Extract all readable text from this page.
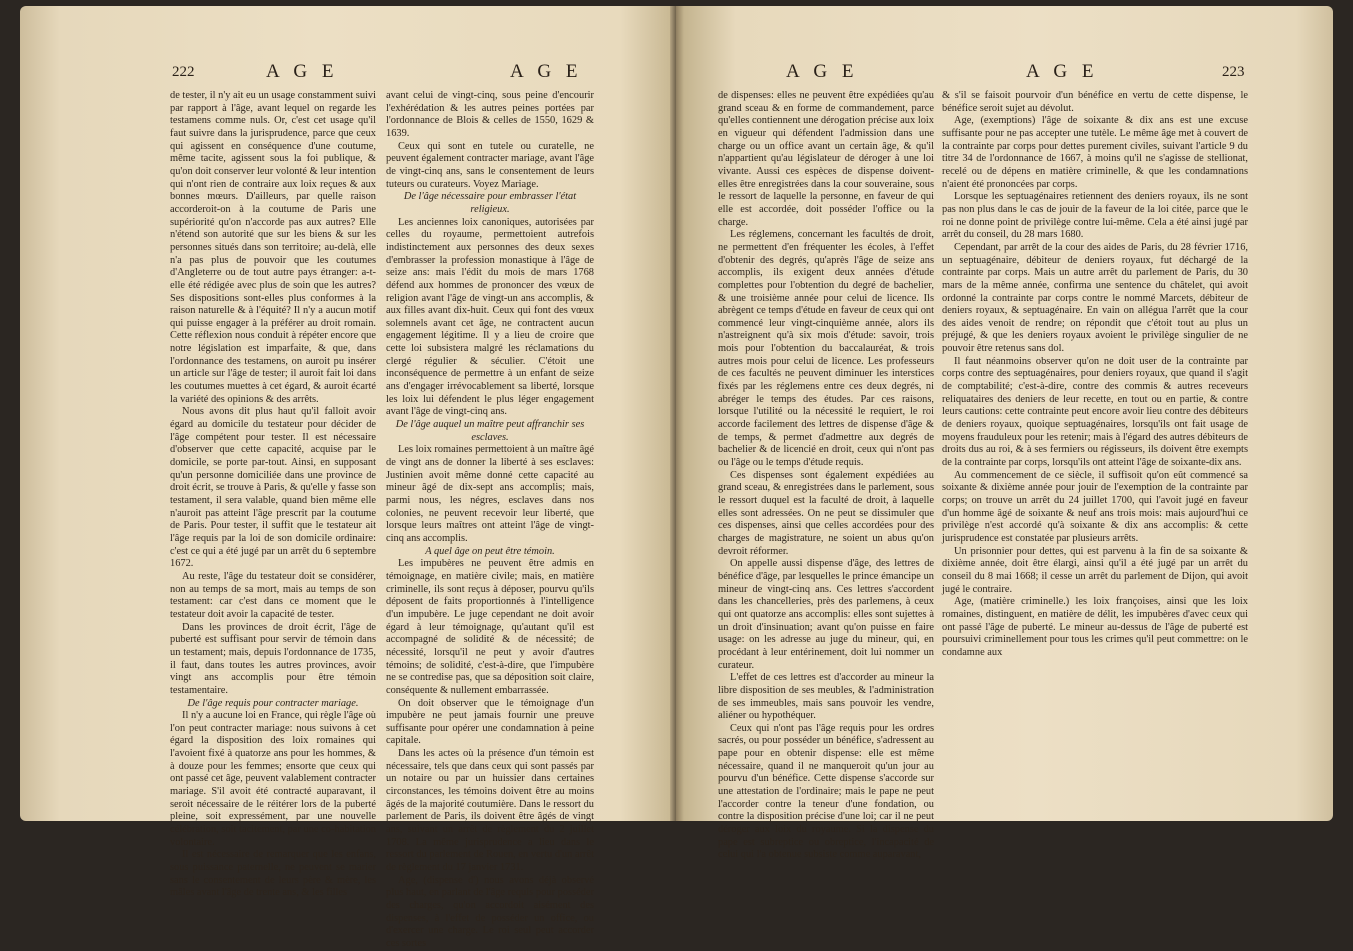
222	A G E	A G E

de tester, il n'y ait eu un usage constamment suivi par rapport à l'âge, avant lequel on regarde les testamens comme nuls. Or, c'est cet usage qu'il faut suivre dans la jurisprudence, parce que ceux qui agissent en conséquence d'une coutume, même tacite, agissent sous la foi publique, & qu'on doit conserver leur volonté & leur intention qui n'ont rien de contraire aux loix reçues & aux bonnes mœurs. D'ailleurs, par quelle raison accorderoit-on à la coutume de Paris une supériorité qu'on n'accorde pas aux autres? Elle n'étend son autorité que sur les biens & sur les personnes situés dans son territoire; au-delà, elle n'a pas plus de pouvoir que les coutumes d'Angleterre ou de tout autre pays étranger: a-t-elle été rédigée avec plus de soin que les autres? Ses dispositions sont-elles plus conformes à la raison naturelle & à l'équité? Il n'y a aucun motif qui puisse engager à la préférer au droit romain. Cette réflexion nous conduit à répéter encore que notre législation est imparfaite, & que, dans l'ordonnance des testamens, on auroit pu insérer un article sur l'âge de tester; il auroit fait loi dans les coutumes muettes à cet égard, & auroit écarté la variété des opinions & des arrêts.

Nous avons dit plus haut qu'il falloit avoir égard au domicile du testateur pour décider de l'âge compétent pour tester. Il est nécessaire d'observer que cette capacité, acquise par le domicile, se porte par-tout. Ainsi, en supposant qu'un personne domiciliée dans une province de droit écrit, se trouve à Paris, & qu'elle y fasse son testament, il sera valable, quand bien même elle n'auroit pas atteint l'âge prescrit par la coutume de Paris. Pour tester, il suffit que le testateur ait l'âge requis par la loi de son domicile ordinaire: c'est ce qui a été jugé par un arrêt du 6 septembre 1672.

Au reste, l'âge du testateur doit se considérer, non au temps de sa mort, mais au temps de son testament: car c'est dans ce moment que le testateur doit avoir la capacité de tester.

Dans les provinces de droit écrit, l'âge de puberté est suffisant pour servir de témoin dans un testament; mais, depuis l'ordonnance de 1735, il faut, dans toutes les autres provinces, avoir vingt ans accomplis pour être témoin testamentaire.

De l'âge requis pour contracter mariage.

Il n'y a aucune loi en France, qui règle l'âge où l'on peut contracter mariage: nous suivons à cet égard la disposition des loix romaines qui l'avoient fixé à quatorze ans pour les hommes, & à douze pour les femmes; ensorte que ceux qui ont passé cet âge, peuvent valablement contracter mariage. S'il avoit été contracté auparavant, il seroit nécessaire de le réitérer lors de la puberté pleine, soit expressément, par une nouvelle célébration, soit tacitement, par une co-habitation volontaire.

Il est nécessaire de remarquer que les enfans, sous puissance paternelle, ne peuvent se marier sans le consentement de leurs père & mère, les mâles avant l'âge de trente ans, & les filles

avant celui de vingt-cinq, sous peine d'encourir l'exhérédation & les autres peines portées par l'ordonnance de Blois & celles de 1550, 1629 & 1639.

Ceux qui sont en tutele ou curatelle, ne peuvent également contracter mariage, avant l'âge de vingt-cinq ans, sans le consentement de leurs tuteurs ou curateurs. Voyez Mariage.

De l'âge nécessaire pour embrasser l'état religieux.

Les anciennes loix canoniques, autorisées par celles du royaume, permettoient autrefois indistinctement aux personnes des deux sexes d'embrasser la profession monastique à l'âge de seize ans: mais l'édit du mois de mars 1768 défend aux hommes de prononcer des vœux de religion avant l'âge de vingt-un ans accomplis, & aux filles avant dix-huit. Ceux qui font des vœux solemnels avant cet âge, ne contractent aucun engagement légitime. Il y a lieu de croire que cette loi subsistera malgré les réclamations du clergé régulier & séculier. C'étoit une inconséquence de permettre à un enfant de seize ans d'engager irrévocablement sa liberté, lorsque les loix lui défendent le plus léger engagement avant l'âge de vingt-cinq ans.

De l'âge auquel un maître peut affranchir ses esclaves.

Les loix romaines permettoient à un maître âgé de vingt ans de donner la liberté à ses esclaves: Justinien avoit même donné cette capacité au mineur âgé de dix-sept ans accomplis; mais, parmi nous, les négres, esclaves dans nos colonies, ne peuvent recevoir leur liberté, que lorsque leurs maîtres ont atteint l'âge de vingt-cinq ans accomplis.

A quel âge on peut être témoin.

Les impubères ne peuvent être admis en témoignage, en matière civile; mais, en matière criminelle, ils sont reçus à déposer, pourvu qu'ils déposent de faits proportionnés à l'intelligence d'un impubère. Le juge cependant ne doit avoir égard à leur témoignage, qu'autant qu'il est accompagné de solidité & de nécessité; de nécessité, lorsqu'il ne peut y avoir d'autres témoins; de solidité, c'est-à-dire, que l'impubère ne se contredise pas, que sa déposition soit claire, conséquente & nullement embarrassée.

On doit observer que le témoignage d'un impubère ne peut jamais fournir une preuve suffisante pour opérer une condamnation à peine capitale.

Dans les actes où la présence d'un témoin est nécessaire, tels que dans ceux qui sont passés par un notaire ou par un huissier dans certaines circonstances, les témoins doivent être au moins âgés de la majorité coutumière. Dans le ressort du parlement de Paris, ils doivent être âgés de vingt ans, suivant un arrêt de règlement du 2 juillet 1708. La même jurisprudence a lieu dans le ressort du parlement de Rouen, en vertu d'un arrêt de règlement du 17 janvier 1731.

Age, (dispense d') nous avons déjà observé plus haut, en parlant de l'âge requis pour posséder des charges, qu'on accordoit aisément des dispenses, à l'effet de posséder un office, ou d'exercer une charge. Le roi seul peut accorder ces sortes

A G E	A G E	223

de dispenses: elles ne peuvent être expédiées qu'au grand sceau & en forme de commandement, parce qu'elles contiennent une dérogation précise aux loix en vigueur qui défendent l'admission dans une charge ou un office avant un certain âge, & qu'il n'appartient qu'au législateur de déroger à une loi vivante. Aussi ces espèces de dispense doivent-elles être enregistrées dans la cour souveraine, sous le ressort de laquelle la personne, en faveur de qui elle est accordée, doit posséder l'office ou la charge.

Les réglemens, concernant les facultés de droit, ne permettent d'en fréquenter les écoles, à l'effet d'obtenir des degrés, qu'après l'âge de seize ans accomplis, ils exigent deux années d'étude complettes pour l'obtention du degré de bachelier, & une troisième année pour celui de licence. Ils abrègent ce temps d'étude en faveur de ceux qui ont commencé leur vingt-cinquième année, alors ils n'astreignent qu'à six mois d'étude: savoir, trois mois pour l'obtention du baccalauréat, & trois autres mois pour celui de licence. Les professeurs de ces facultés ne peuvent diminuer les interstices fixés par les réglemens entre ces deux degrés, ni abréger le temps des études. Par ces raisons, lorsque l'utilité ou la nécessité le requiert, le roi accorde facilement des lettres de dispense d'âge & de temps, & permet d'admettre aux degrés de bachelier & de licencié en droit, ceux qui n'ont pas ou l'âge ou le temps d'étude requis.

Ces dispenses sont également expédiées au grand sceau, & enregistrées dans le parlement, sous le ressort duquel est la faculté de droit, à laquelle elles sont adressées. On ne peut se dissimuler que ces dispenses, ainsi que celles accordées pour des charges de magistrature, ne soient un abus qu'on devroit réformer.

On appelle aussi dispense d'âge, des lettres de bénéfice d'âge, par lesquelles le prince émancipe un mineur de vingt-cinq ans. Ces lettres s'accordent dans les chancelleries, près des parlemens, à ceux qui ont quatorze ans accomplis: elles sont sujettes à un droit d'insinuation; avant qu'on puisse en faire usage: on les adresse au juge du mineur, qui, en procédant à leur entérinement, doit lui nommer un curateur.

L'effet de ces lettres est d'accorder au mineur la libre disposition de ses meubles, & l'administration de ses immeubles, mais sans pouvoir les vendre, aliéner ou hypothéquer.

Ceux qui n'ont pas l'âge requis pour les ordres sacrés, ou pour posséder un bénéfice, s'adressent au pape pour en obtenir dispense: elle est même nécessaire, quand il ne manqueroit qu'un jour au pourvu d'un bénéfice. Cette dispense s'accorde sur une attestation de l'ordinaire; mais le pape ne peut l'accorder contre la teneur d'une fondation, ou contre la disposition précise d'une loi; car il ne peut déroger aux loix du royaume. Si la dispense du pape est subreptice ou obreptice, l'incapacité de celui qui l'a obtenue subsiste comme auparavant,

& s'il se faisoit pourvoir d'un bénéfice en vertu de cette dispense, le bénéfice seroit sujet au dévolut.

Age, (exemptions) l'âge de soixante & dix ans est une excuse suffisante pour ne pas accepter une tutèle. Le même âge met à couvert de la contrainte par corps pour dettes purement civiles, suivant l'article 9 du titre 34 de l'ordonnance de 1667, à moins qu'il ne s'agisse de stellionat, recelé ou de dépens en matière criminelle, & que les condamnations n'aient été prononcées par corps.

Lorsque les septuagénaires retiennent des deniers royaux, ils ne sont pas non plus dans le cas de jouir de la faveur de la loi citée, parce que le roi ne donne point de privilège contre lui-même. Cela a été ainsi jugé par arrêt du conseil, du 28 mars 1680.

Cependant, par arrêt de la cour des aides de Paris, du 28 février 1716, un septuagénaire, débiteur de deniers royaux, fut déchargé de la contrainte par corps. Mais un autre arrêt du parlement de Paris, du 30 mars de la même année, confirma une sentence du châtelet, qui avoit ordonné la contrainte par corps contre le nommé Marcets, débiteur de deniers royaux, & septuagénaire. En vain on allégua l'arrêt que la cour des aides venoit de rendre; on répondit que c'étoit tout au plus un préjugé, & que les deniers royaux avoient le privilège singulier de ne pouvoir être retenus sans dol.

Il faut néanmoins observer qu'on ne doit user de la contrainte par corps contre des septuagénaires, pour deniers royaux, que quand il s'agit de comptabilité; c'est-à-dire, contre des commis & autres receveurs reliquataires des deniers de leur recette, en tout ou en partie, & contre leurs cautions: cette contrainte peut encore avoir lieu contre des débiteurs de deniers royaux, quoique septuagénaires, lorsqu'ils ont fait usage de moyens frauduleux pour les retenir; mais à l'égard des autres débiteurs de droits dus au roi, & à ses fermiers ou régisseurs, ils doivent être exempts de la contrainte par corps, lorsqu'ils ont atteint l'âge de soixante-dix ans.

Au commencement de ce siècle, il suffisoit qu'on eût commencé sa soixante & dixième année pour jouir de l'exemption de la contrainte par corps; on trouve un arrêt du 24 juillet 1700, qui l'avoit jugé en faveur d'un homme âgé de soixante & neuf ans trois mois: mais aujourd'hui ce privilège n'est accordé qu'à soixante & dix ans accomplis: & cette jurisprudence est constatée par plusieurs arrêts.

Un prisonnier pour dettes, qui est parvenu à la fin de sa soixante & dixième année, doit être élargi, ainsi qu'il a été jugé par un arrêt du conseil du 8 mai 1668; il cesse un arrêt du parlement de Dijon, qui avoit jugé le contraire.

Age, (matière criminelle.) les loix françoises, ainsi que les loix romaines, distinguent, en matière de délit, les impubères d'avec ceux qui ont passé l'âge de puberté. Le mineur au-dessus de l'âge de puberté est poursuivi criminellement pour tous les crimes qu'il peut commettre: on le condamne aux
